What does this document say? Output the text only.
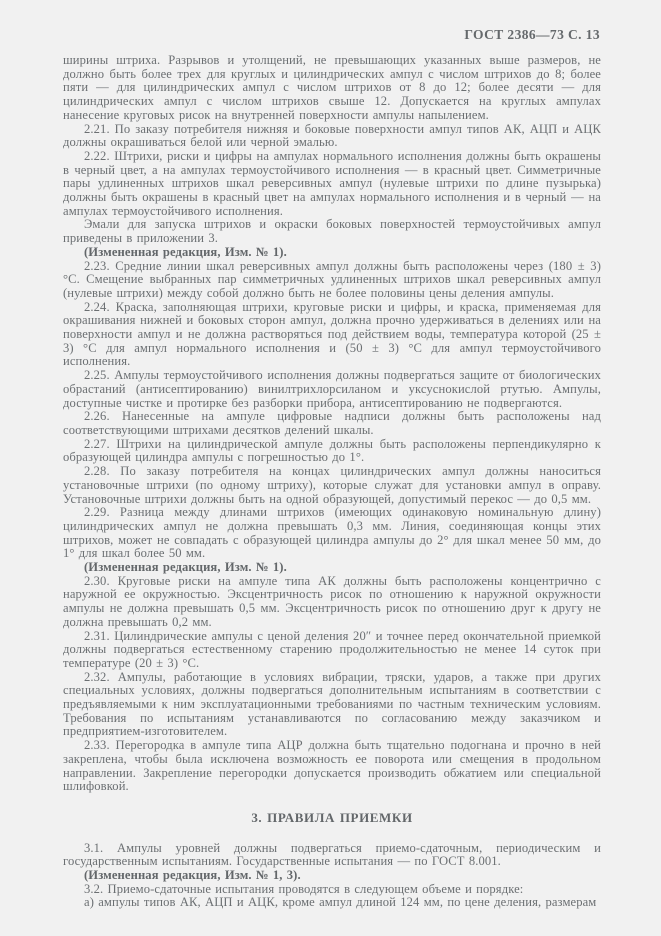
ГОСТ 2386—73 С. 13

ширины штриха. Разрывов и утолщений, не превышающих указанных выше размеров, не должно быть более трех для круглых и цилиндрических ампул с числом штрихов до 8; более пяти — для цилиндрических ампул с числом штрихов от 8 до 12; более десяти — для цилиндрических ампул с числом штрихов свыше 12. Допускается на круглых ампулах нанесение круговых рисок на внутренней поверхности ампулы напылением.

2.21. По заказу потребителя нижняя и боковые поверхности ампул типов АК, АЦП и АЦК должны окрашиваться белой или черной эмалью.

2.22. Штрихи, риски и цифры на ампулах нормального исполнения должны быть окрашены в черный цвет, а на ампулах термоустойчивого исполнения — в красный цвет. Симметричные пары удлиненных штрихов шкал реверсивных ампул (нулевые штрихи по длине пузырька) должны быть окрашены в красный цвет на ампулах нормального исполнения и в черный — на ампулах термоустойчивого исполнения.

Эмали для запуска штрихов и окраски боковых поверхностей термоустойчивых ампул приведены в приложении 3.

(Измененная редакция, Изм. № 1).

2.23. Средние линии шкал реверсивных ампул должны быть расположены через (180 ± 3)°С. Смещение выбранных пар симметричных удлиненных штрихов шкал реверсивных ампул (нулевые штрихи) между собой должно быть не более половины цены деления ампулы.

2.24. Краска, заполняющая штрихи, круговые риски и цифры, и краска, применяемая для окрашивания нижней и боковых сторон ампул, должна прочно удерживаться в делениях или на поверхности ампул и не должна растворяться под действием воды, температура которой (25 ± 3) °С для ампул нормального исполнения и (50 ± 3) °С для ампул термоустойчивого исполнения.

2.25. Ампулы термоустойчивого исполнения должны подвергаться защите от биологических обрастаний (антисептированию) винилтрихлорсиланом и уксуснокислой ртутью. Ампулы, доступные чистке и протирке без разборки прибора, антисептированию не подвергаются.

2.26. Нанесенные на ампуле цифровые надписи должны быть расположены над соответствующими штрихами десятков делений шкалы.

2.27. Штрихи на цилиндрической ампуле должны быть расположены перпендикулярно к образующей цилиндра ампулы с погрешностью до 1°.

2.28. По заказу потребителя на концах цилиндрических ампул должны наноситься установочные штрихи (по одному штриху), которые служат для установки ампул в оправу. Установочные штрихи должны быть на одной образующей, допустимый перекос — до 0,5 мм.

2.29. Разница между длинами штрихов (имеющих одинаковую номинальную длину) цилиндрических ампул не должна превышать 0,3 мм. Линия, соединяющая концы этих штрихов, может не совпадать с образующей цилиндра ампулы до 2° для шкал менее 50 мм, до 1° для шкал более 50 мм.

(Измененная редакция, Изм. № 1).

2.30. Круговые риски на ампуле типа АК должны быть расположены концентрично с наружной ее окружностью. Эксцентричность рисок по отношению к наружной окружности ампулы не должна превышать 0,5 мм. Эксцентричность рисок по отношению друг к другу не должна превышать 0,2 мм.

2.31. Цилиндрические ампулы с ценой деления 20″ и точнее перед окончательной приемкой должны подвергаться естественному старению продолжительностью не менее 14 суток при температуре (20 ± 3) °С.

2.32. Ампулы, работающие в условиях вибрации, тряски, ударов, а также при других специальных условиях, должны подвергаться дополнительным испытаниям в соответствии с предъявляемыми к ним эксплуатационными требованиями по частным техническим условиям. Требования по испытаниям устанавливаются по согласованию между заказчиком и предприятием-изготовителем.

2.33. Перегородка в ампуле типа АЦР должна быть тщательно подогнана и прочно в ней закреплена, чтобы была исключена возможность ее поворота или смещения в продольном направлении. Закрепление перегородки допускается производить обжатием или специальной шлифовкой.

3. ПРАВИЛА ПРИЕМКИ

3.1. Ампулы уровней должны подвергаться приемо-сдаточным, периодическим и государственным испытаниям. Государственные испытания — по ГОСТ 8.001.

(Измененная редакция, Изм. № 1, 3).

3.2. Приемо-сдаточные испытания проводятся в следующем объеме и порядке:

а) ампулы типов АК, АЦП и АЦК, кроме ампул длиной 124 мм, по цене деления, размерам
